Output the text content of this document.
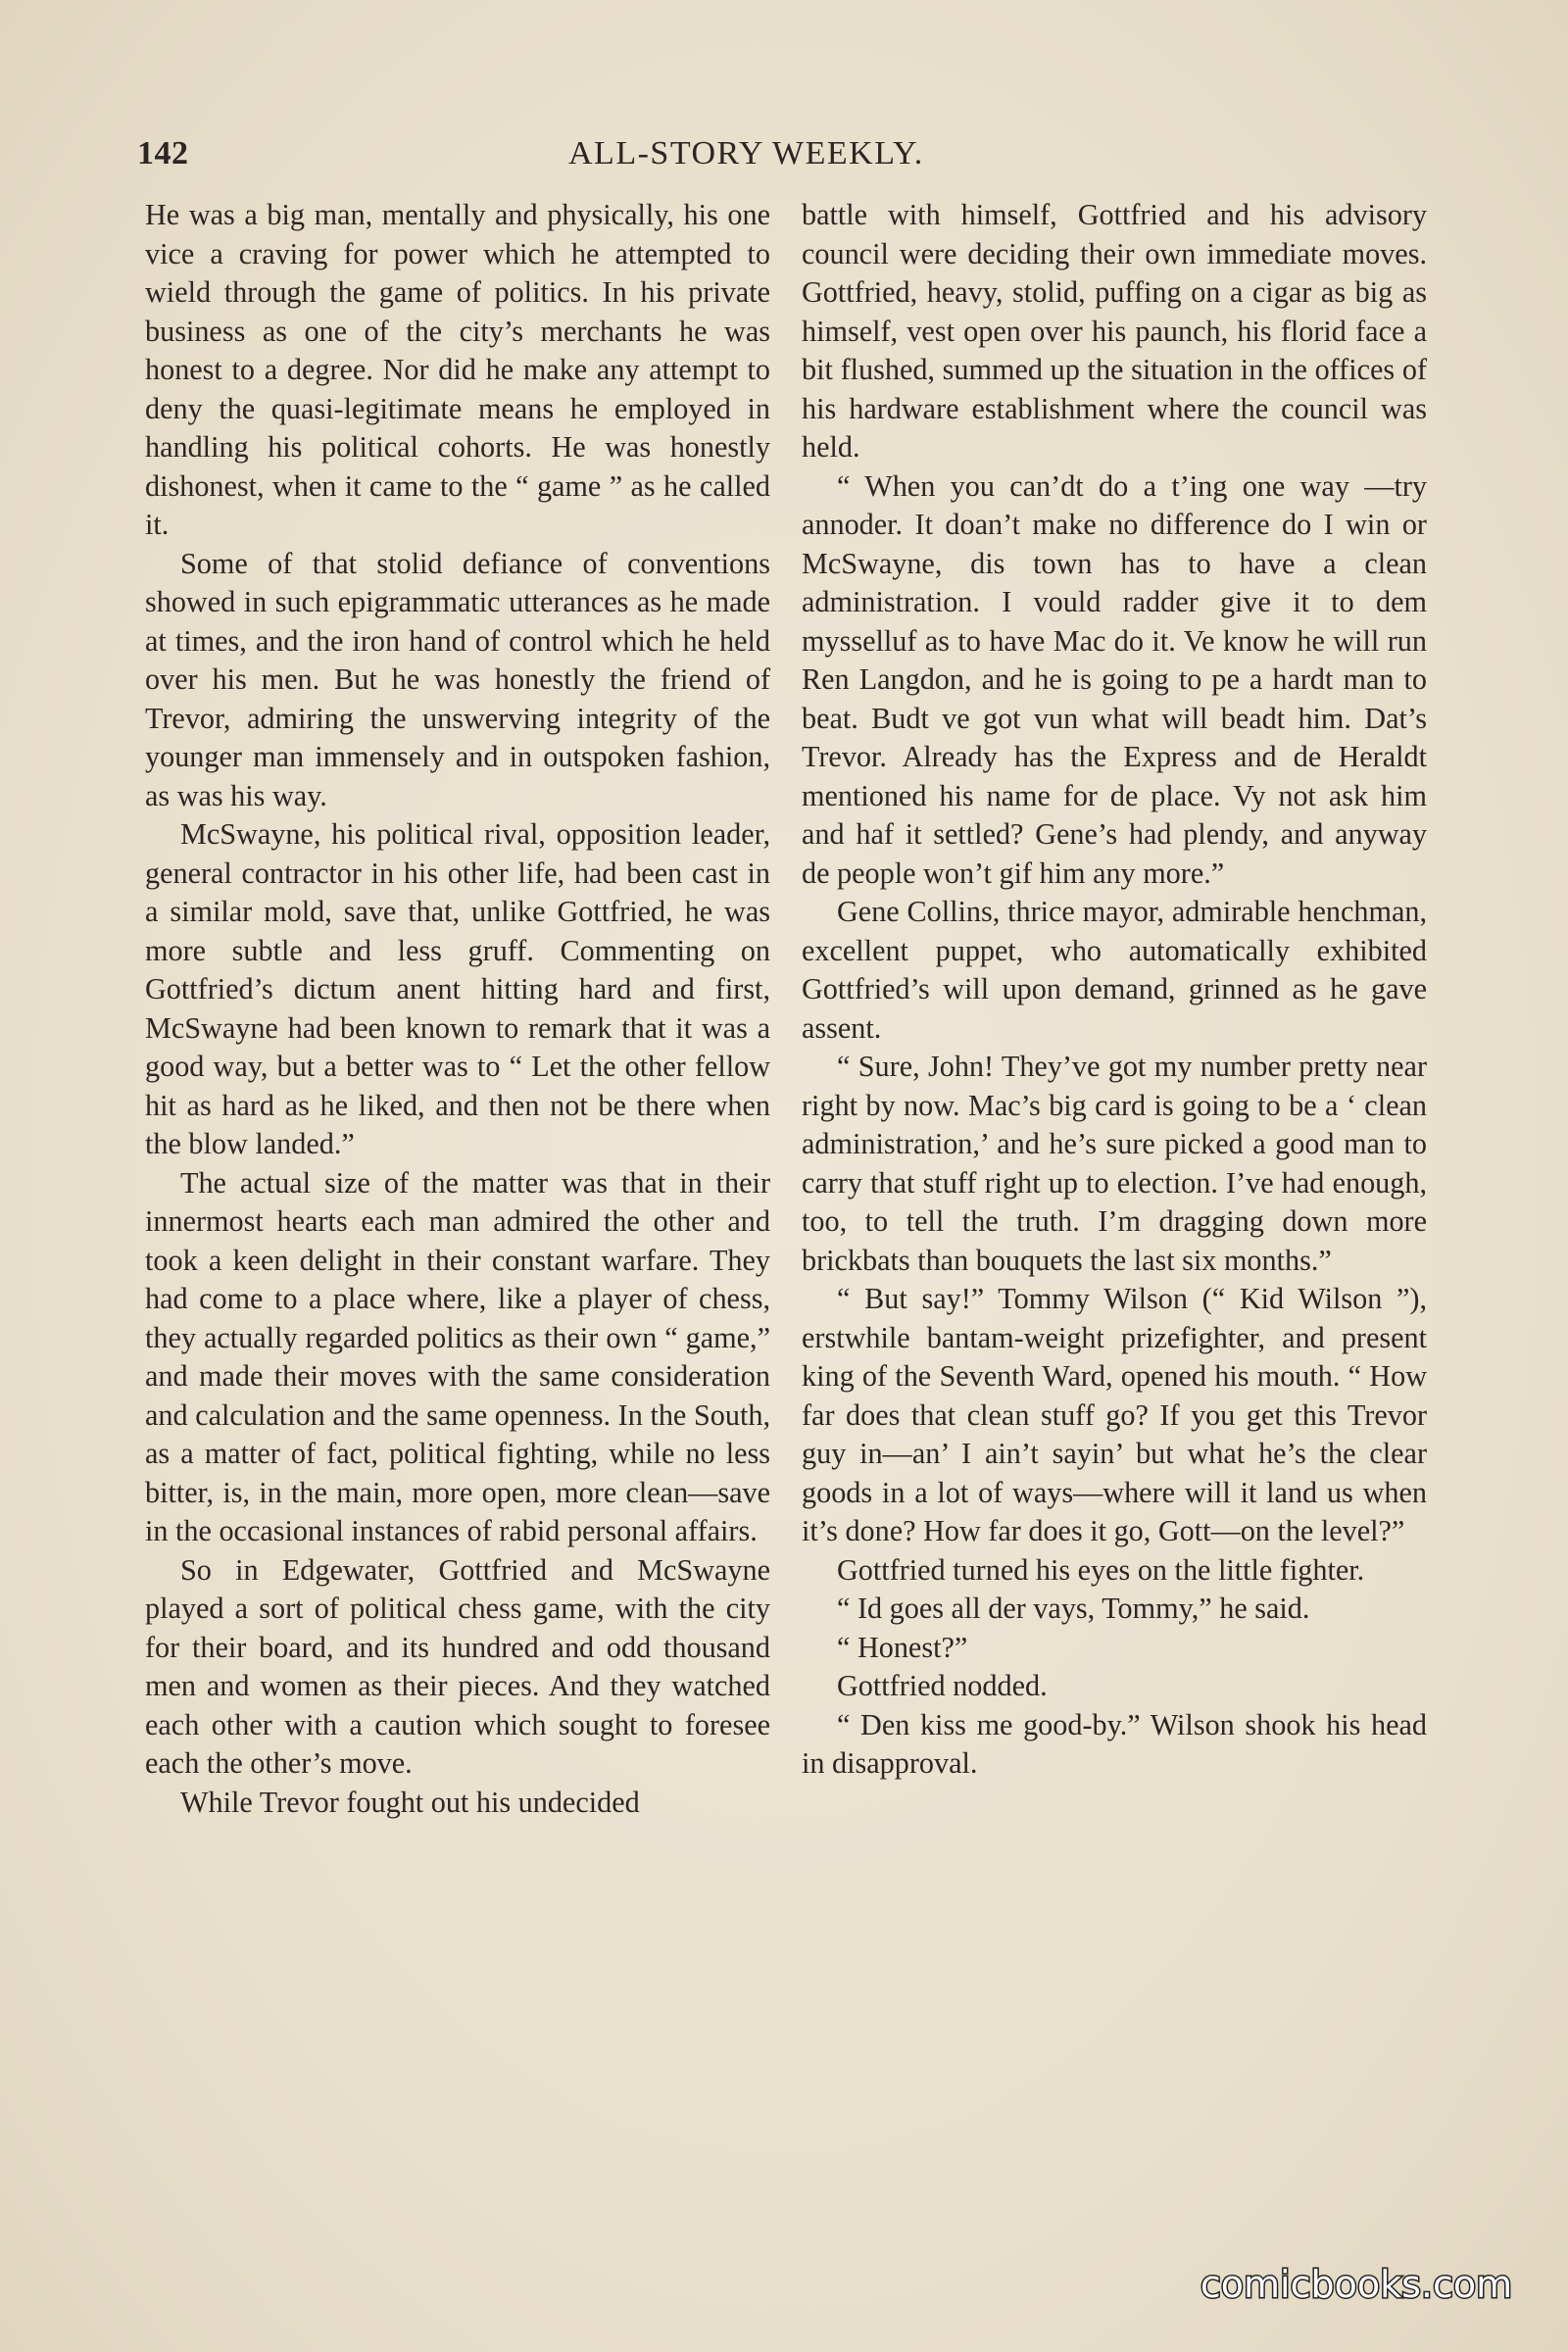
142	ALL-STORY WEEKLY.

He was a big man, mentally and physically, his one vice a craving for power which he attempted to wield through the game of politics. In his private business as one of the city’s merchants he was honest to a degree. Nor did he make any attempt to deny the quasi-legitimate means he employed in handling his political cohorts. He was honestly dishonest, when it came to the “ game ” as he called it.

Some of that stolid defiance of conventions showed in such epigrammatic utterances as he made at times, and the iron hand of control which he held over his men. But he was honestly the friend of Trevor, admiring the unswerving integrity of the younger man immensely and in outspoken fashion, as was his way.

McSwayne, his political rival, opposition leader, general contractor in his other life, had been cast in a similar mold, save that, unlike Gottfried, he was more subtle and less gruff. Commenting on Gottfried’s dictum anent hitting hard and first, McSwayne had been known to remark that it was a good way, but a better was to “ Let the other fellow hit as hard as he liked, and then not be there when the blow landed.”

The actual size of the matter was that in their innermost hearts each man admired the other and took a keen delight in their constant warfare. They had come to a place where, like a player of chess, they actually regarded politics as their own “ game,” and made their moves with the same consideration and calculation and the same openness. In the South, as a matter of fact, political fighting, while no less bitter, is, in the main, more open, more clean—save in the occasional instances of rabid personal affairs.

So in Edgewater, Gottfried and McSwayne played a sort of political chess game, with the city for their board, and its hundred and odd thousand men and women as their pieces. And they watched each other with a caution which sought to foresee each the other’s move.

While Trevor fought out his undecided

battle with himself, Gottfried and his advisory council were deciding their own immediate moves. Gottfried, heavy, stolid, puffing on a cigar as big as himself, vest open over his paunch, his florid face a bit flushed, summed up the situation in the offices of his hardware establishment where the council was held.

“ When you can’dt do a t’ing one way —try annoder. It doan’t make no difference do I win or McSwayne, dis town has to have a clean administration. I vould radder give it to dem mysselluf as to have Mac do it. Ve know he will run Ren Langdon, and he is going to pe a hardt man to beat. Budt ve got vun what will beadt him. Dat’s Trevor. Already has the Express and de Heraldt mentioned his name for de place. Vy not ask him and haf it settled? Gene’s had plendy, and anyway de people won’t gif him any more.”

Gene Collins, thrice mayor, admirable henchman, excellent puppet, who automatically exhibited Gottfried’s will upon demand, grinned as he gave assent.

“ Sure, John! They’ve got my number pretty near right by now. Mac’s big card is going to be a ‘ clean administration,’ and he’s sure picked a good man to carry that stuff right up to election. I’ve had enough, too, to tell the truth. I’m dragging down more brickbats than bouquets the last six months.”

“ But say!” Tommy Wilson (“ Kid Wilson ”), erstwhile bantam-weight prizefighter, and present king of the Seventh Ward, opened his mouth. “ How far does that clean stuff go? If you get this Trevor guy in—an’ I ain’t sayin’ but what he’s the clear goods in a lot of ways—where will it land us when it’s done? How far does it go, Gott—on the level?”

Gottfried turned his eyes on the little fighter.

“ Id goes all der vays, Tommy,” he said.

“ Honest?”

Gottfried nodded.

“ Den kiss me good-by.” Wilson shook his head in disapproval.

comicbooks.com
